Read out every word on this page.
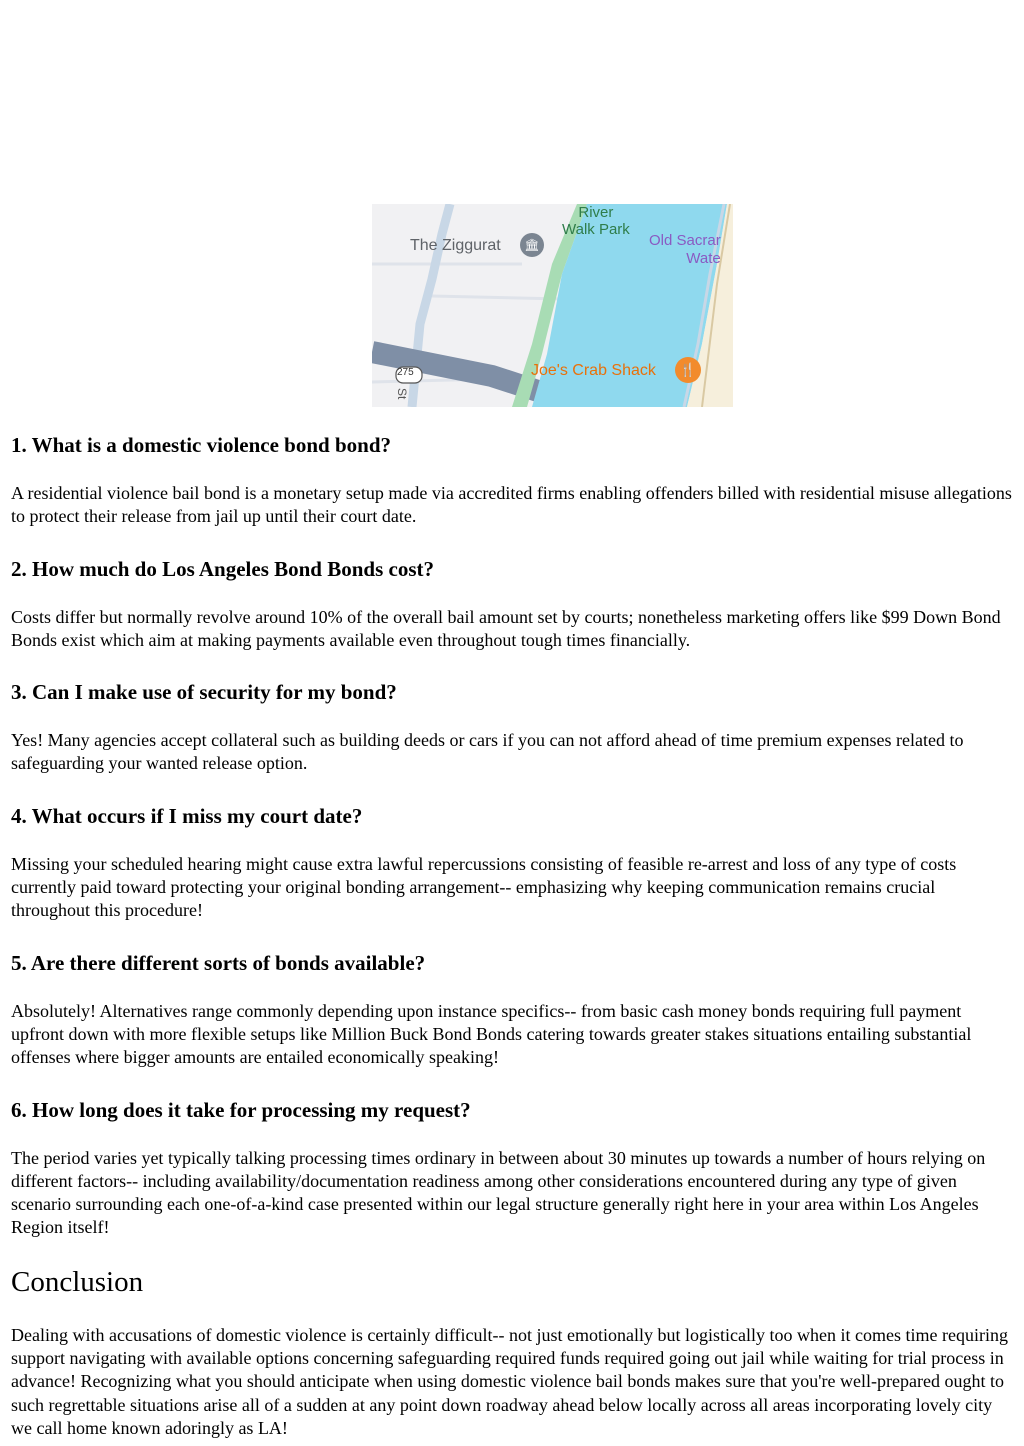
River
Walk Park
The Ziggurat	🏛	Old Sacrar
Wate
Joe's Crab Shack	🍴
275
St
1. What is a domestic violence bond bond?

A residential violence bail bond is a monetary setup made via accredited firms enabling offenders billed with residential misuse allegations to protect their release from jail up until their court date.

2. How much do Los Angeles Bond Bonds cost?

Costs differ but normally revolve around 10% of the overall bail amount set by courts; nonetheless marketing offers like $99 Down Bond Bonds exist which aim at making payments available even throughout tough times financially.

3. Can I make use of security for my bond?

Yes! Many agencies accept collateral such as building deeds or cars if you can not afford ahead of time premium expenses related to safeguarding your wanted release option.

4. What occurs if I miss my court date?

Missing your scheduled hearing might cause extra lawful repercussions consisting of feasible re-arrest and loss of any type of costs currently paid toward protecting your original bonding arrangement-- emphasizing why keeping communication remains crucial throughout this procedure!

5. Are there different sorts of bonds available?

Absolutely! Alternatives range commonly depending upon instance specifics-- from basic cash money bonds requiring full payment upfront down with more flexible setups like Million Buck Bond Bonds catering towards greater stakes situations entailing substantial offenses where bigger amounts are entailed economically speaking!

6. How long does it take for processing my request?

The period varies yet typically talking processing times ordinary in between about 30 minutes up towards a number of hours relying on different factors-- including availability/documentation readiness among other considerations encountered during any type of given scenario surrounding each one-of-a-kind case presented within our legal structure generally right here in your area within Los Angeles Region itself!

Conclusion

Dealing with accusations of domestic violence is certainly difficult-- not just emotionally but logistically too when it comes time requiring support navigating with available options concerning safeguarding required funds required going out jail while waiting for trial process in advance! Recognizing what you should anticipate when using domestic violence bail bonds makes sure that you're well-prepared ought to such regrettable situations arise all of a sudden at any point down roadway ahead below locally across all areas incorporating lovely city we call home known adoringly as LA!
